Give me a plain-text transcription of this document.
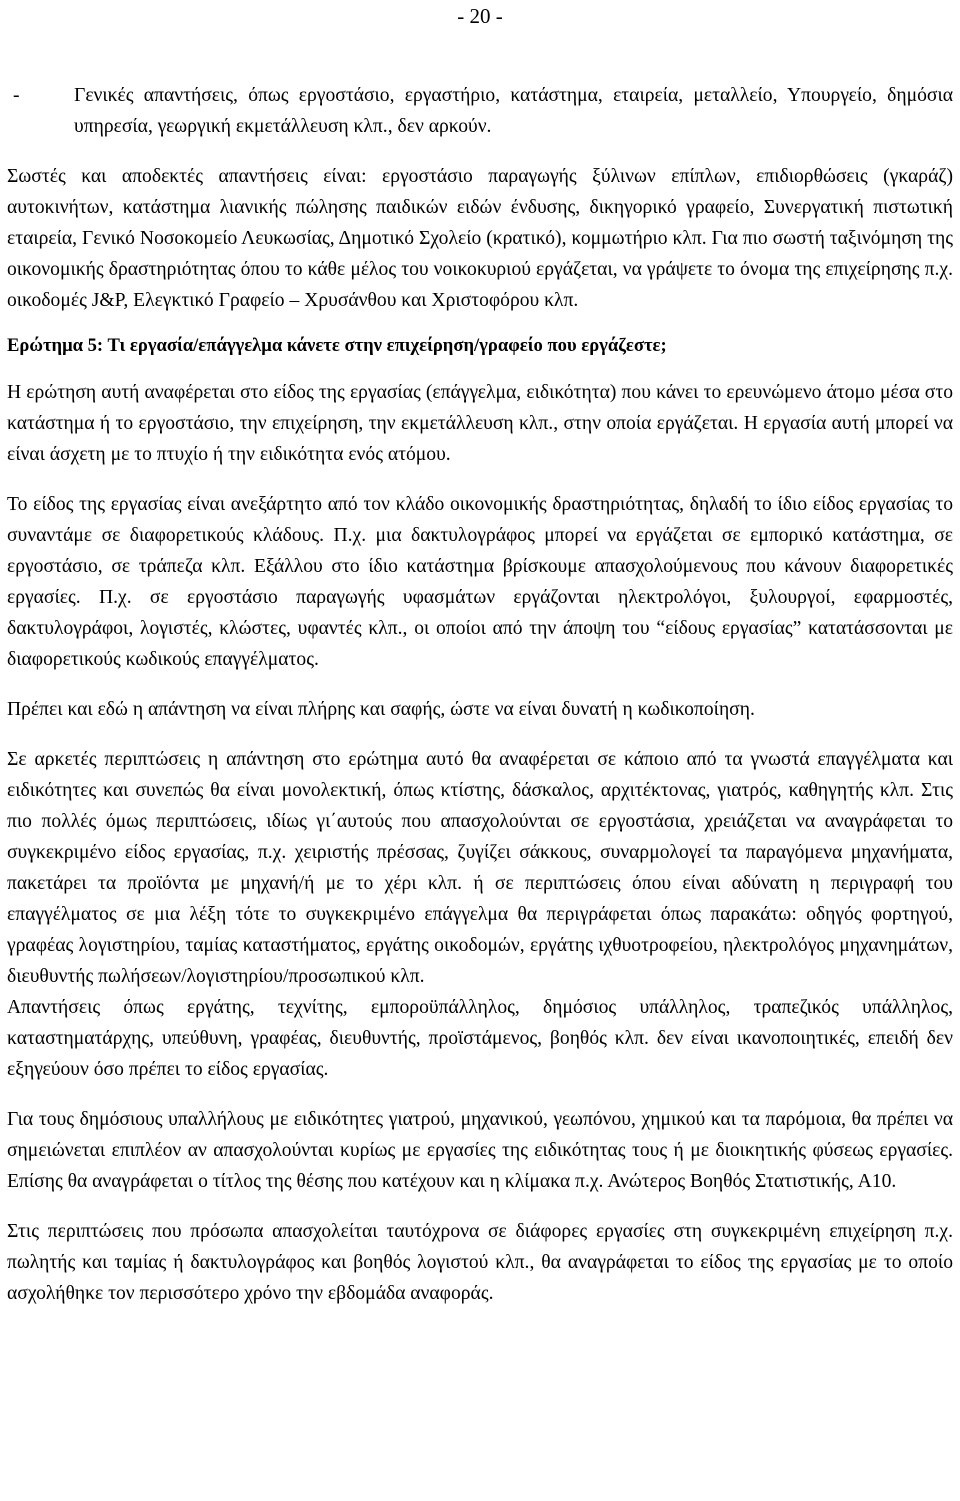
- 20 -

-	Γενικές απαντήσεις, όπως εργοστάσιο, εργαστήριο, κατάστημα, εταιρεία, μεταλλείο, Υπουργείο, δημόσια υπηρεσία, γεωργική εκμετάλλευση κλπ., δεν αρκούν.

Σωστές και αποδεκτές απαντήσεις είναι: εργοστάσιο παραγωγής ξύλινων επίπλων, επιδιορθώσεις (γκαράζ) αυτοκινήτων, κατάστημα λιανικής πώλησης παιδικών ειδών ένδυσης, δικηγορικό γραφείο, Συνεργατική πιστωτική εταιρεία, Γενικό Νοσοκομείο Λευκωσίας, Δημοτικό Σχολείο (κρατικό), κομμωτήριο κλπ. Για πιο σωστή ταξινόμηση της οικονομικής δραστηριότητας όπου το κάθε μέλος του νοικοκυριού εργάζεται, να γράψετε το όνομα της επιχείρησης π.χ. οικοδομές J&P, Ελεγκτικό Γραφείο – Χρυσάνθου και Χριστοφόρου κλπ.

Ερώτημα 5: Τι εργασία/επάγγελμα κάνετε στην επιχείρηση/γραφείο που εργάζεστε;

Η ερώτηση αυτή αναφέρεται στο είδος της εργασίας (επάγγελμα, ειδικότητα) που κάνει το ερευνώμενο άτομο μέσα στο κατάστημα ή το εργοστάσιο, την επιχείρηση, την εκμετάλλευση κλπ., στην οποία εργάζεται. Η εργασία αυτή μπορεί να είναι άσχετη με το πτυχίο ή την ειδικότητα ενός ατόμου.

Το είδος της εργασίας είναι ανεξάρτητο από τον κλάδο οικονομικής δραστηριότητας, δηλαδή το ίδιο είδος εργασίας το συναντάμε σε διαφορετικούς κλάδους. Π.χ. μια δακτυλογράφος μπορεί να εργάζεται σε εμπορικό κατάστημα, σε εργοστάσιο, σε τράπεζα κλπ. Εξάλλου στο ίδιο κατάστημα βρίσκουμε απασχολούμενους που κάνουν διαφορετικές εργασίες. Π.χ. σε εργοστάσιο παραγωγής υφασμάτων εργάζονται ηλεκτρολόγοι, ξυλουργοί, εφαρμοστές, δακτυλογράφοι, λογιστές, κλώστες, υφαντές κλπ., οι οποίοι από την άποψη του “είδους εργασίας” κατατάσσονται με διαφορετικούς κωδικούς επαγγέλματος.

Πρέπει και εδώ η απάντηση να είναι πλήρης και σαφής, ώστε να είναι δυνατή η κωδικοποίηση.

Σε αρκετές περιπτώσεις η απάντηση στο ερώτημα αυτό θα αναφέρεται σε κάποιο από τα γνωστά επαγγέλματα και ειδικότητες και συνεπώς θα είναι μονολεκτική, όπως κτίστης, δάσκαλος, αρχιτέκτονας, γιατρός, καθηγητής κλπ. Στις πιο πολλές όμως περιπτώσεις, ιδίως γι΄αυτούς που απασχολούνται σε εργοστάσια, χρειάζεται να αναγράφεται το συγκεκριμένο είδος εργασίας, π.χ. χειριστής πρέσσας, ζυγίζει σάκκους, συναρμολογεί τα παραγόμενα μηχανήματα, πακετάρει τα προϊόντα με μηχανή/ή με το χέρι κλπ. ή σε περιπτώσεις όπου είναι αδύνατη η περιγραφή του επαγγέλματος σε μια λέξη τότε το συγκεκριμένο επάγγελμα θα περιγράφεται όπως παρακάτω: οδηγός φορτηγού, γραφέας λογιστηρίου, ταμίας καταστήματος, εργάτης οικοδομών, εργάτης ιχθυοτροφείου, ηλεκτρολόγος μηχανημάτων, διευθυντής πωλήσεων/λογιστηρίου/προσωπικού κλπ.

Απαντήσεις όπως εργάτης, τεχνίτης, εμποροϋπάλληλος, δημόσιος υπάλληλος, τραπεζικός υπάλληλος, καταστηματάρχης, υπεύθυνη, γραφέας, διευθυντής, προϊστάμενος, βοηθός κλπ. δεν είναι ικανοποιητικές, επειδή δεν εξηγεύουν όσο πρέπει το είδος εργασίας.

Για τους δημόσιους υπαλλήλους με ειδικότητες γιατρού, μηχανικού, γεωπόνου, χημικού και τα παρόμοια, θα πρέπει να σημειώνεται επιπλέον αν απασχολούνται κυρίως με εργασίες της ειδικότητας τους ή με διοικητικής φύσεως εργασίες. Επίσης θα αναγράφεται ο τίτλος της θέσης που κατέχουν και η κλίμακα π.χ. Ανώτερος Βοηθός Στατιστικής, Α10.

Στις περιπτώσεις που πρόσωπα απασχολείται ταυτόχρονα σε διάφορες εργασίες στη συγκεκριμένη επιχείρηση π.χ. πωλητής και ταμίας ή δακτυλογράφος και βοηθός λογιστού κλπ., θα αναγράφεται το είδος της εργασίας με το οποίο ασχολήθηκε τον περισσότερο χρόνο την εβδομάδα αναφοράς.
